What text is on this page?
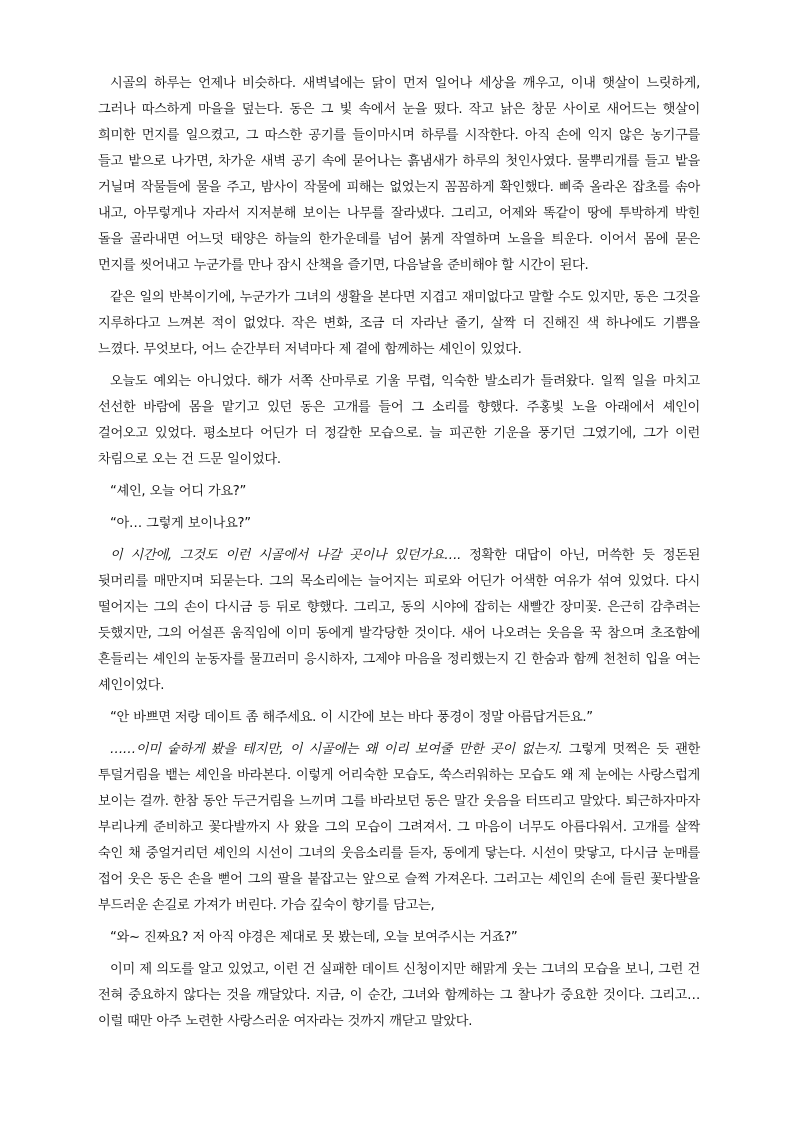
시골의 하루는 언제나 비슷하다. 새벽녘에는 닭이 먼저 일어나 세상을 깨우고, 이내 햇살이 느릿하게, 그러나 따스하게 마을을 덮는다. 동은 그 빛 속에서 눈을 떴다. 작고 낡은 창문 사이로 새어드는 햇살이 희미한 먼지를 일으켰고, 그 따스한 공기를 들이마시며 하루를 시작한다. 아직 손에 익지 않은 농기구를 들고 밭으로 나가면, 차가운 새벽 공기 속에 묻어나는 흙냄새가 하루의 첫인사였다. 물뿌리개를 들고 밭을 거닐며 작물들에 물을 주고, 밤사이 작물에 피해는 없었는지 꼼꼼하게 확인했다. 삐죽 올라온 잡초를 솎아 내고, 아무렇게나 자라서 지저분해 보이는 나무를 잘라냈다. 그리고, 어제와 똑같이 땅에 투박하게 박힌 돌을 골라내면 어느덧 태양은 하늘의 한가운데를 넘어 붉게 작열하며 노을을 틔운다. 이어서 몸에 묻은 먼지를 씻어내고 누군가를 만나 잠시 산책을 즐기면, 다음날을 준비해야 할 시간이 된다.

같은 일의 반복이기에, 누군가가 그녀의 생활을 본다면 지겹고 재미없다고 말할 수도 있지만, 동은 그것을 지루하다고 느껴본 적이 없었다. 작은 변화, 조금 더 자라난 줄기, 살짝 더 진해진 색 하나에도 기쁨을 느꼈다. 무엇보다, 어느 순간부터 저녁마다 제 곁에 함께하는 셰인이 있었다.

오늘도 예외는 아니었다. 해가 서쪽 산마루로 기울 무렵, 익숙한 발소리가 들려왔다. 일찍 일을 마치고 선선한 바람에 몸을 맡기고 있던 동은 고개를 들어 그 소리를 향했다. 주홍빛 노을 아래에서 셰인이 걸어오고 있었다. 평소보다 어딘가 더 정갈한 모습으로. 늘 피곤한 기운을 풍기던 그였기에, 그가 이런 차림으로 오는 건 드문 일이었다.

“셰인, 오늘 어디 가요?”

“아… 그렇게 보이나요?”

이 시간에, 그것도 이런 시골에서 나갈 곳이나 있던가요…. 정확한 대답이 아닌, 머쓱한 듯 정돈된 뒷머리를 매만지며 되묻는다. 그의 목소리에는 늘어지는 피로와 어딘가 어색한 여유가 섞여 있었다. 다시 떨어지는 그의 손이 다시금 등 뒤로 향했다. 그리고, 동의 시야에 잡히는 새빨간 장미꽃. 은근히 감추려는 듯했지만, 그의 어설픈 움직임에 이미 동에게 발각당한 것이다. 새어 나오려는 웃음을 꾹 참으며 초조함에 흔들리는 셰인의 눈동자를 물끄러미 응시하자, 그제야 마음을 정리했는지 긴 한숨과 함께 천천히 입을 여는 셰인이었다.

“안 바쁘면 저랑 데이트 좀 해주세요. 이 시간에 보는 바다 풍경이 정말 아름답거든요.”

……이미 숱하게 봤을 테지만, 이 시골에는 왜 이리 보여줄 만한 곳이 없는지. 그렇게 멋쩍은 듯 괜한 투덜거림을 뱉는 셰인을 바라본다. 이렇게 어리숙한 모습도, 쑥스러워하는 모습도 왜 제 눈에는 사랑스럽게 보이는 걸까. 한참 동안 두근거림을 느끼며 그를 바라보던 동은 말간 웃음을 터뜨리고 말았다. 퇴근하자마자 부리나케 준비하고 꽃다발까지 사 왔을 그의 모습이 그려져서. 그 마음이 너무도 아름다워서. 고개를 살짝 숙인 채 중얼거리던 셰인의 시선이 그녀의 웃음소리를 듣자, 동에게 닿는다. 시선이 맞닿고, 다시금 눈매를 접어 웃은 동은 손을 뻗어 그의 팔을 붙잡고는 앞으로 슬쩍 가져온다. 그러고는 셰인의 손에 들린 꽃다발을 부드러운 손길로 가져가 버린다. 가슴 깊숙이 향기를 담고는,

“와~ 진짜요? 저 아직 야경은 제대로 못 봤는데, 오늘 보여주시는 거죠?”

이미 제 의도를 알고 있었고, 이런 건 실패한 데이트 신청이지만 해맑게 웃는 그녀의 모습을 보니, 그런 건 전혀 중요하지 않다는 것을 깨달았다. 지금, 이 순간, 그녀와 함께하는 그 찰나가 중요한 것이다. 그리고… 이럴 때만 아주 노련한 사랑스러운 여자라는 것까지 깨닫고 말았다.
